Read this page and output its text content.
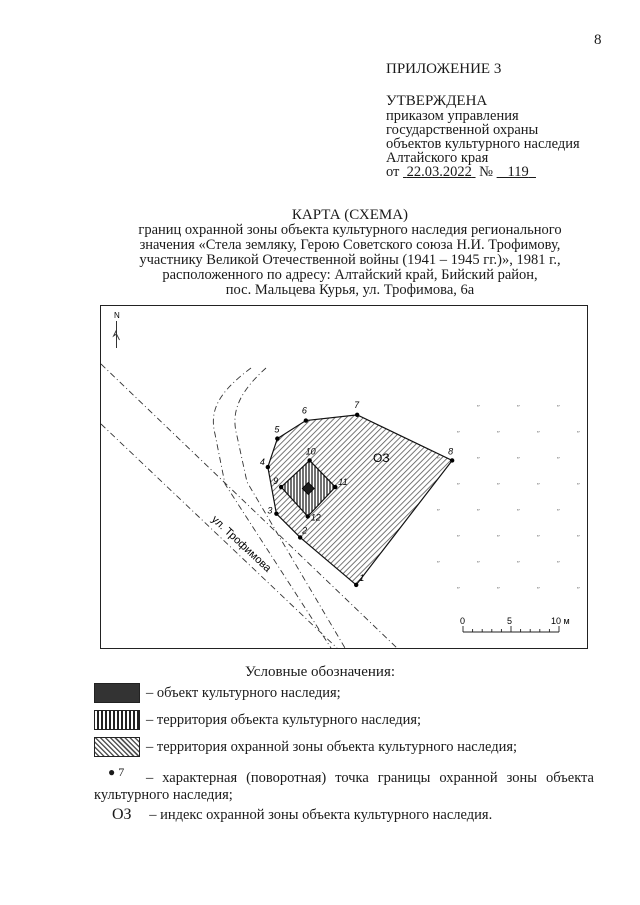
8
ПРИЛОЖЕНИЕ 3
УТВЕРЖДЕНА
приказом управления
государственной охраны
объектов культурного наследия
Алтайского края
от 22.03.2022 № 119
КАРТА (СХЕМА)
границ охранной зоны объекта культурного наследия регионального
значения «Стела земляку, Герою Советского союза Н.И. Трофимову,
участнику Великой Отечественной войны (1941 – 1945 гг.)», 1981 г.,
расположенного по адресу: Алтайский край, Бийский район,
пос. Мальцева Курья, ул. Трофимова, 6а
1
2
3
4
5
6
7
8
9
10
11
12
ОЗ
ул. Трофимова
N
″	″	″
″	″	″	″
″	″	″	″
″	″	″	″
″	″	″	″
″	″	″	″
″	″	″	″
″	″	″	″
0	5	10 м
Условные обозначения:
– объект культурного наследия;
– территория объекта культурного наследия;
– территория охранной зоны объекта культурного наследия;
● 7	– характерная (поворотная) точка границы охранной зоны объекта культурного наследия;
ОЗ – индекс охранной зоны объекта культурного наследия.
